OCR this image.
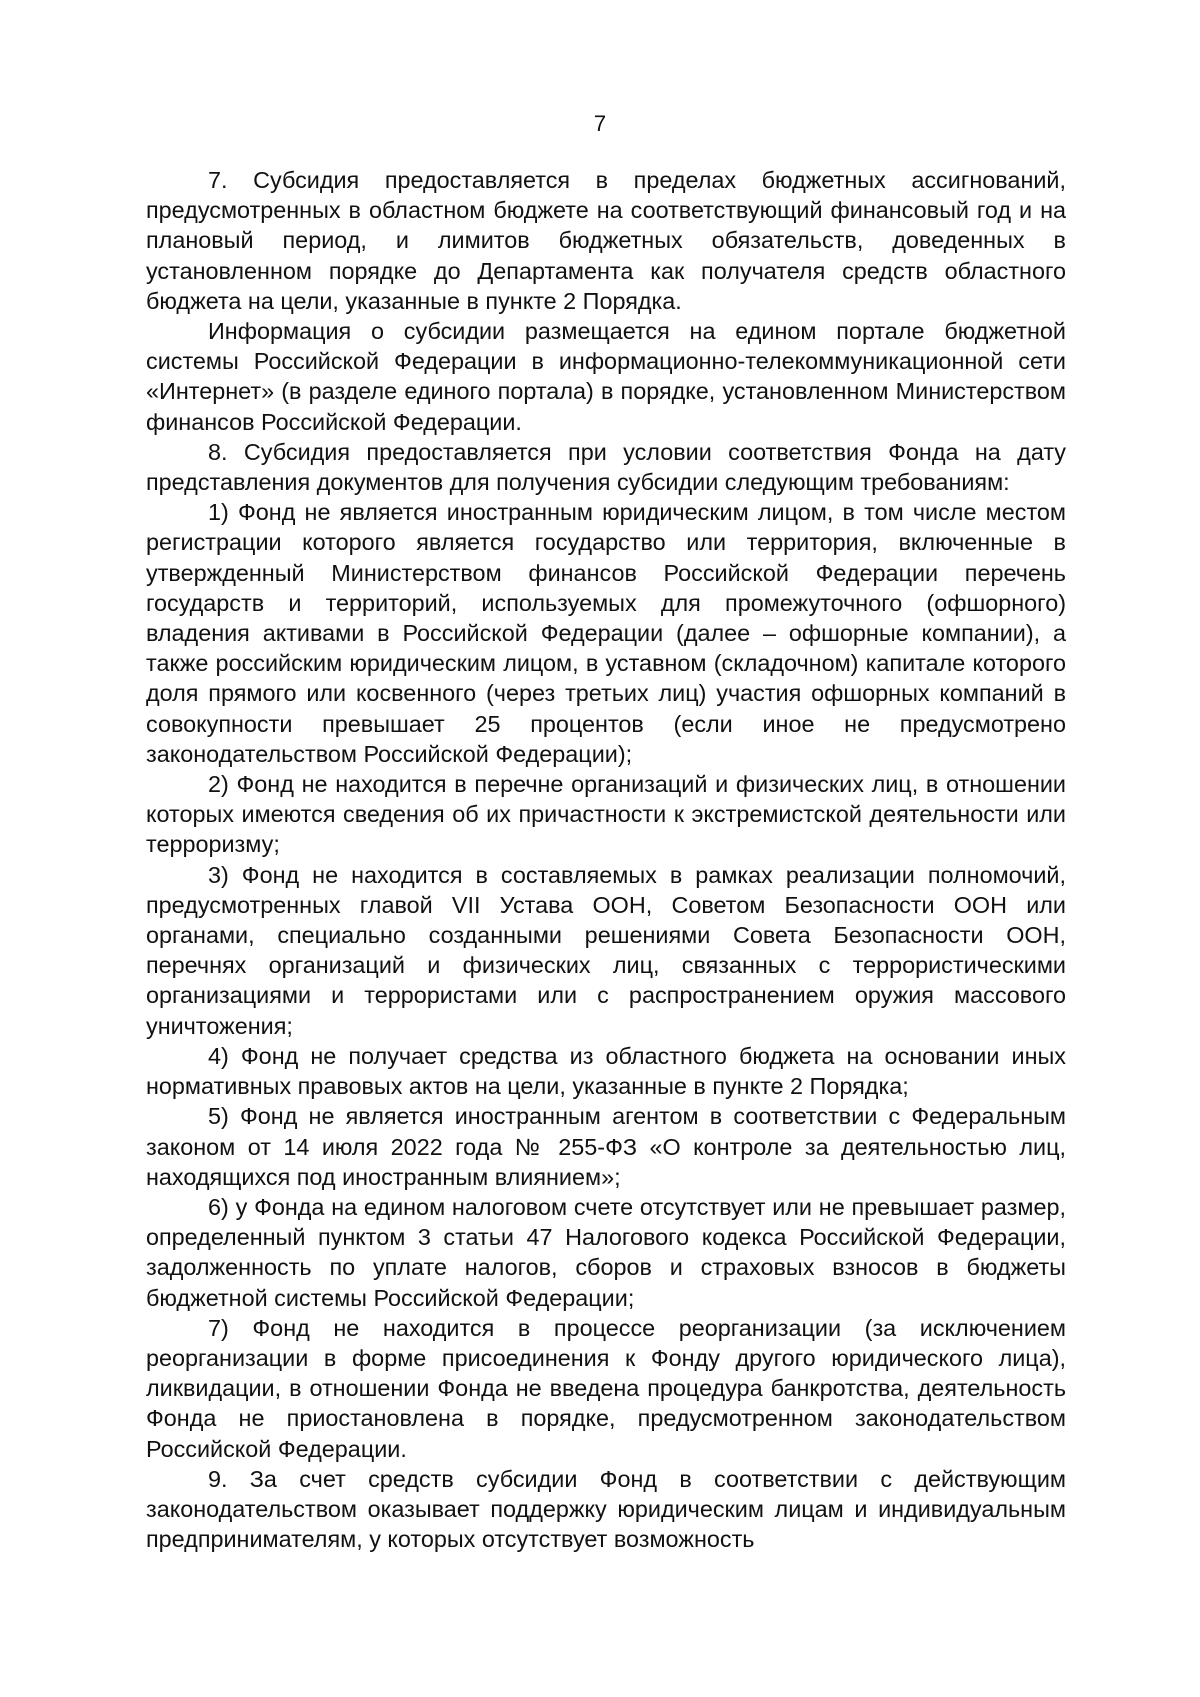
7

7. Субсидия предоставляется в пределах бюджетных ассигнований, предусмотренных в областном бюджете на соответствующий финансовый год и на плановый период, и лимитов бюджетных обязательств, доведенных в установленном порядке до Департамента как получателя средств областного бюджета на цели, указанные в пункте 2 Порядка.

Информация о субсидии размещается на едином портале бюджетной системы Российской Федерации в информационно-телекоммуникационной сети «Интернет» (в разделе единого портала) в порядке, установленном Министерством финансов Российской Федерации.

8. Субсидия предоставляется при условии соответствия Фонда на дату представления документов для получения субсидии следующим требованиям:

1) Фонд не является иностранным юридическим лицом, в том числе местом регистрации которого является государство или территория, включенные в утвержденный Министерством финансов Российской Федерации перечень государств и территорий, используемых для промежуточного (офшорного) владения активами в Российской Федерации (далее – офшорные компании), а также российским юридическим лицом, в уставном (складочном) капитале которого доля прямого или косвенного (через третьих лиц) участия офшорных компаний в совокупности превышает 25 процентов (если иное не предусмотрено законодательством Российской Федерации);

2) Фонд не находится в перечне организаций и физических лиц, в отношении которых имеются сведения об их причастности к экстремистской деятельности или терроризму;

3) Фонд не находится в составляемых в рамках реализации полномочий, предусмотренных главой VII Устава ООН, Советом Безопасности ООН или органами, специально созданными решениями Совета Безопасности ООН, перечнях организаций и физических лиц, связанных с террористическими организациями и террористами или с распространением оружия массового уничтожения;

4) Фонд не получает средства из областного бюджета на основании иных нормативных правовых актов на цели, указанные в пункте 2 Порядка;

5) Фонд не является иностранным агентом в соответствии с Федеральным законом от 14 июля 2022 года № 255-ФЗ «О контроле за деятельностью лиц, находящихся под иностранным влиянием»;

6) у Фонда на едином налоговом счете отсутствует или не превышает размер, определенный пунктом 3 статьи 47 Налогового кодекса Российской Федерации, задолженность по уплате налогов, сборов и страховых взносов в бюджеты бюджетной системы Российской Федерации;

7) Фонд не находится в процессе реорганизации (за исключением реорганизации в форме присоединения к Фонду другого юридического лица), ликвидации, в отношении Фонда не введена процедура банкротства, деятельность Фонда не приостановлена в порядке, предусмотренном законодательством Российской Федерации.

9. За счет средств субсидии Фонд в соответствии с действующим законодательством оказывает поддержку юридическим лицам и индивидуальным предпринимателям, у которых отсутствует возможность
